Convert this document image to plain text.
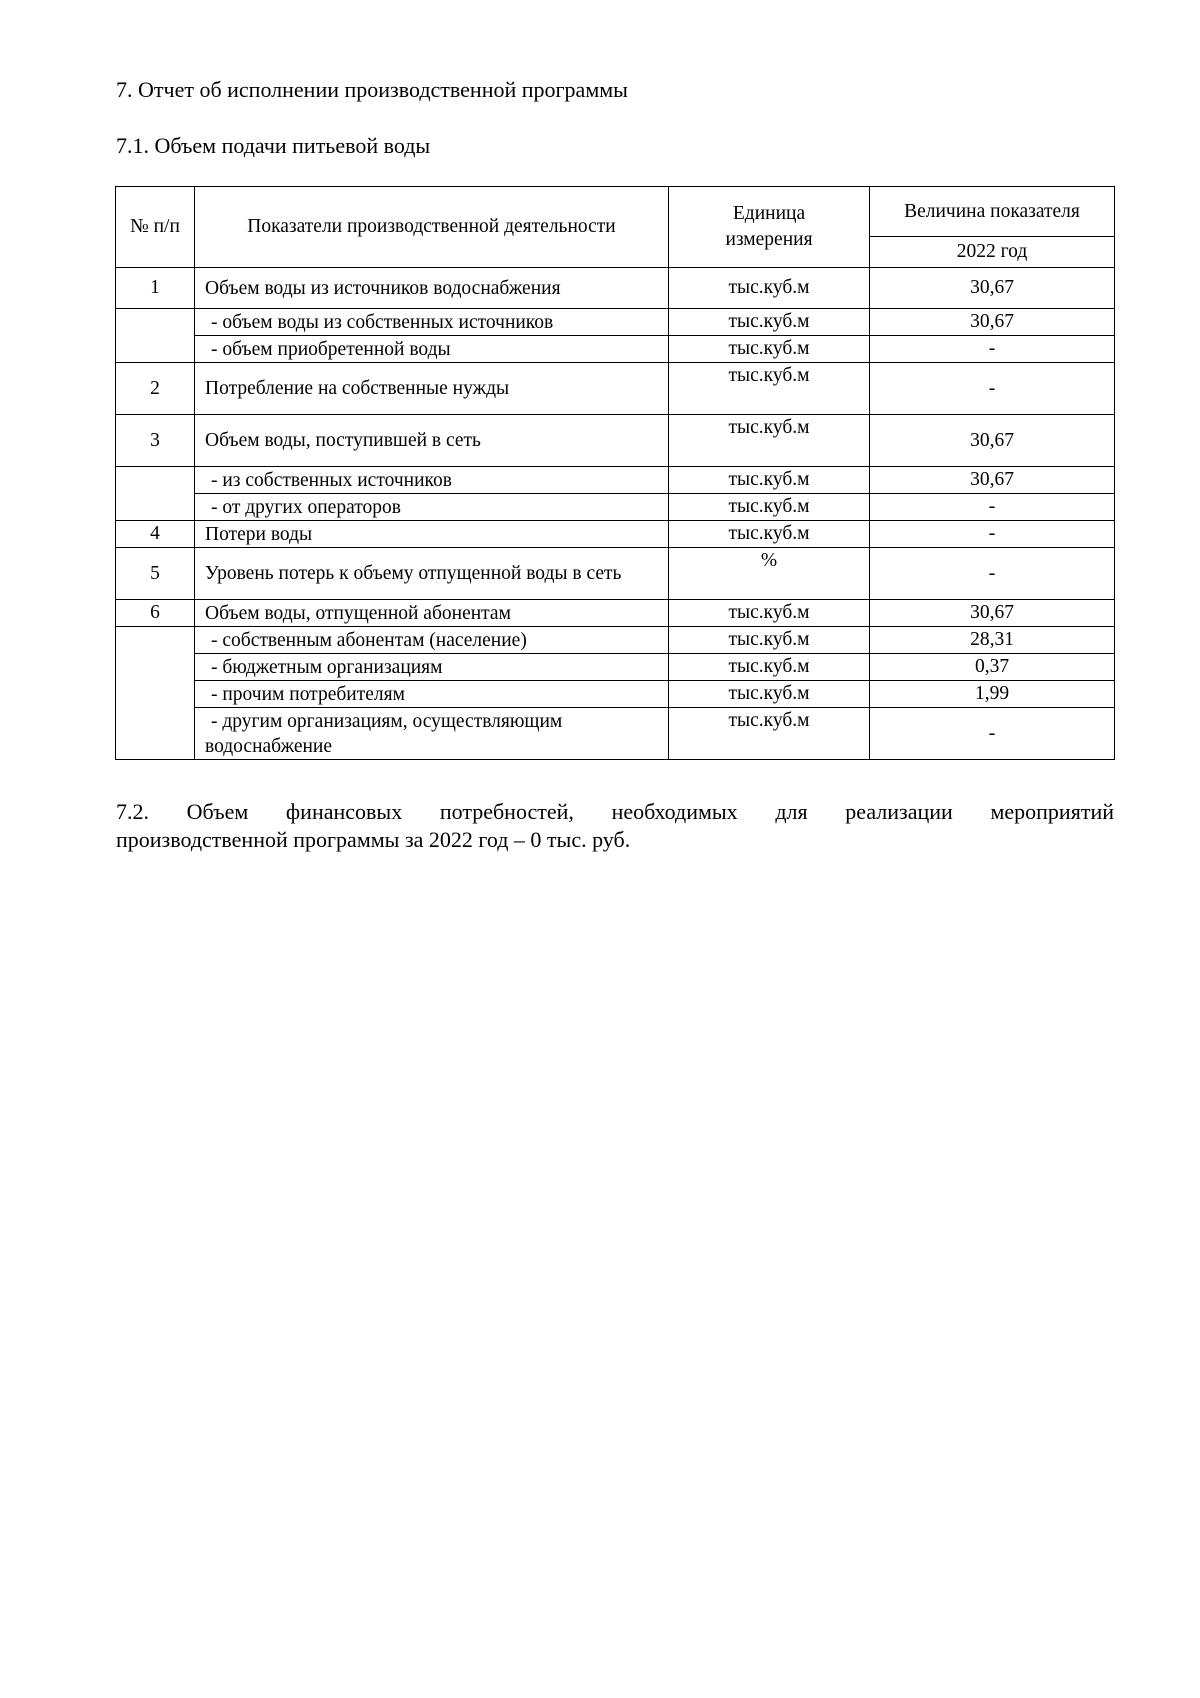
7. Отчет об исполнении производственной программы
7.1. Объем подачи питьевой воды
№ п/п	Показатели производственной деятельности	Единица измерения	Величина показателя
			2022 год
1	Объем воды из источников водоснабжения	тыс.куб.м	30,67
	- объем воды из собственных источников	тыс.куб.м	30,67
	- объем приобретенной воды	тыс.куб.м	-
2	Потребление на собственные нужды	тыс.куб.м	-
3	Объем воды, поступившей в сеть	тыс.куб.м	30,67
	- из собственных источников	тыс.куб.м	30,67
	- от других операторов	тыс.куб.м	-
4	Потери воды	тыс.куб.м	-
5	Уровень потерь к объему отпущенной воды в сеть	%	-
6	Объем воды, отпущенной абонентам	тыс.куб.м	30,67
	- собственным абонентам (население)	тыс.куб.м	28,31
	- бюджетным организациям	тыс.куб.м	0,37
	- прочим потребителям	тыс.куб.м	1,99
	- другим организациям, осуществляющим водоснабжение	тыс.куб.м	-
7.2. Объем финансовых потребностей, необходимых для реализации мероприятий
производственной программы за 2022 год – 0 тыс. руб.
